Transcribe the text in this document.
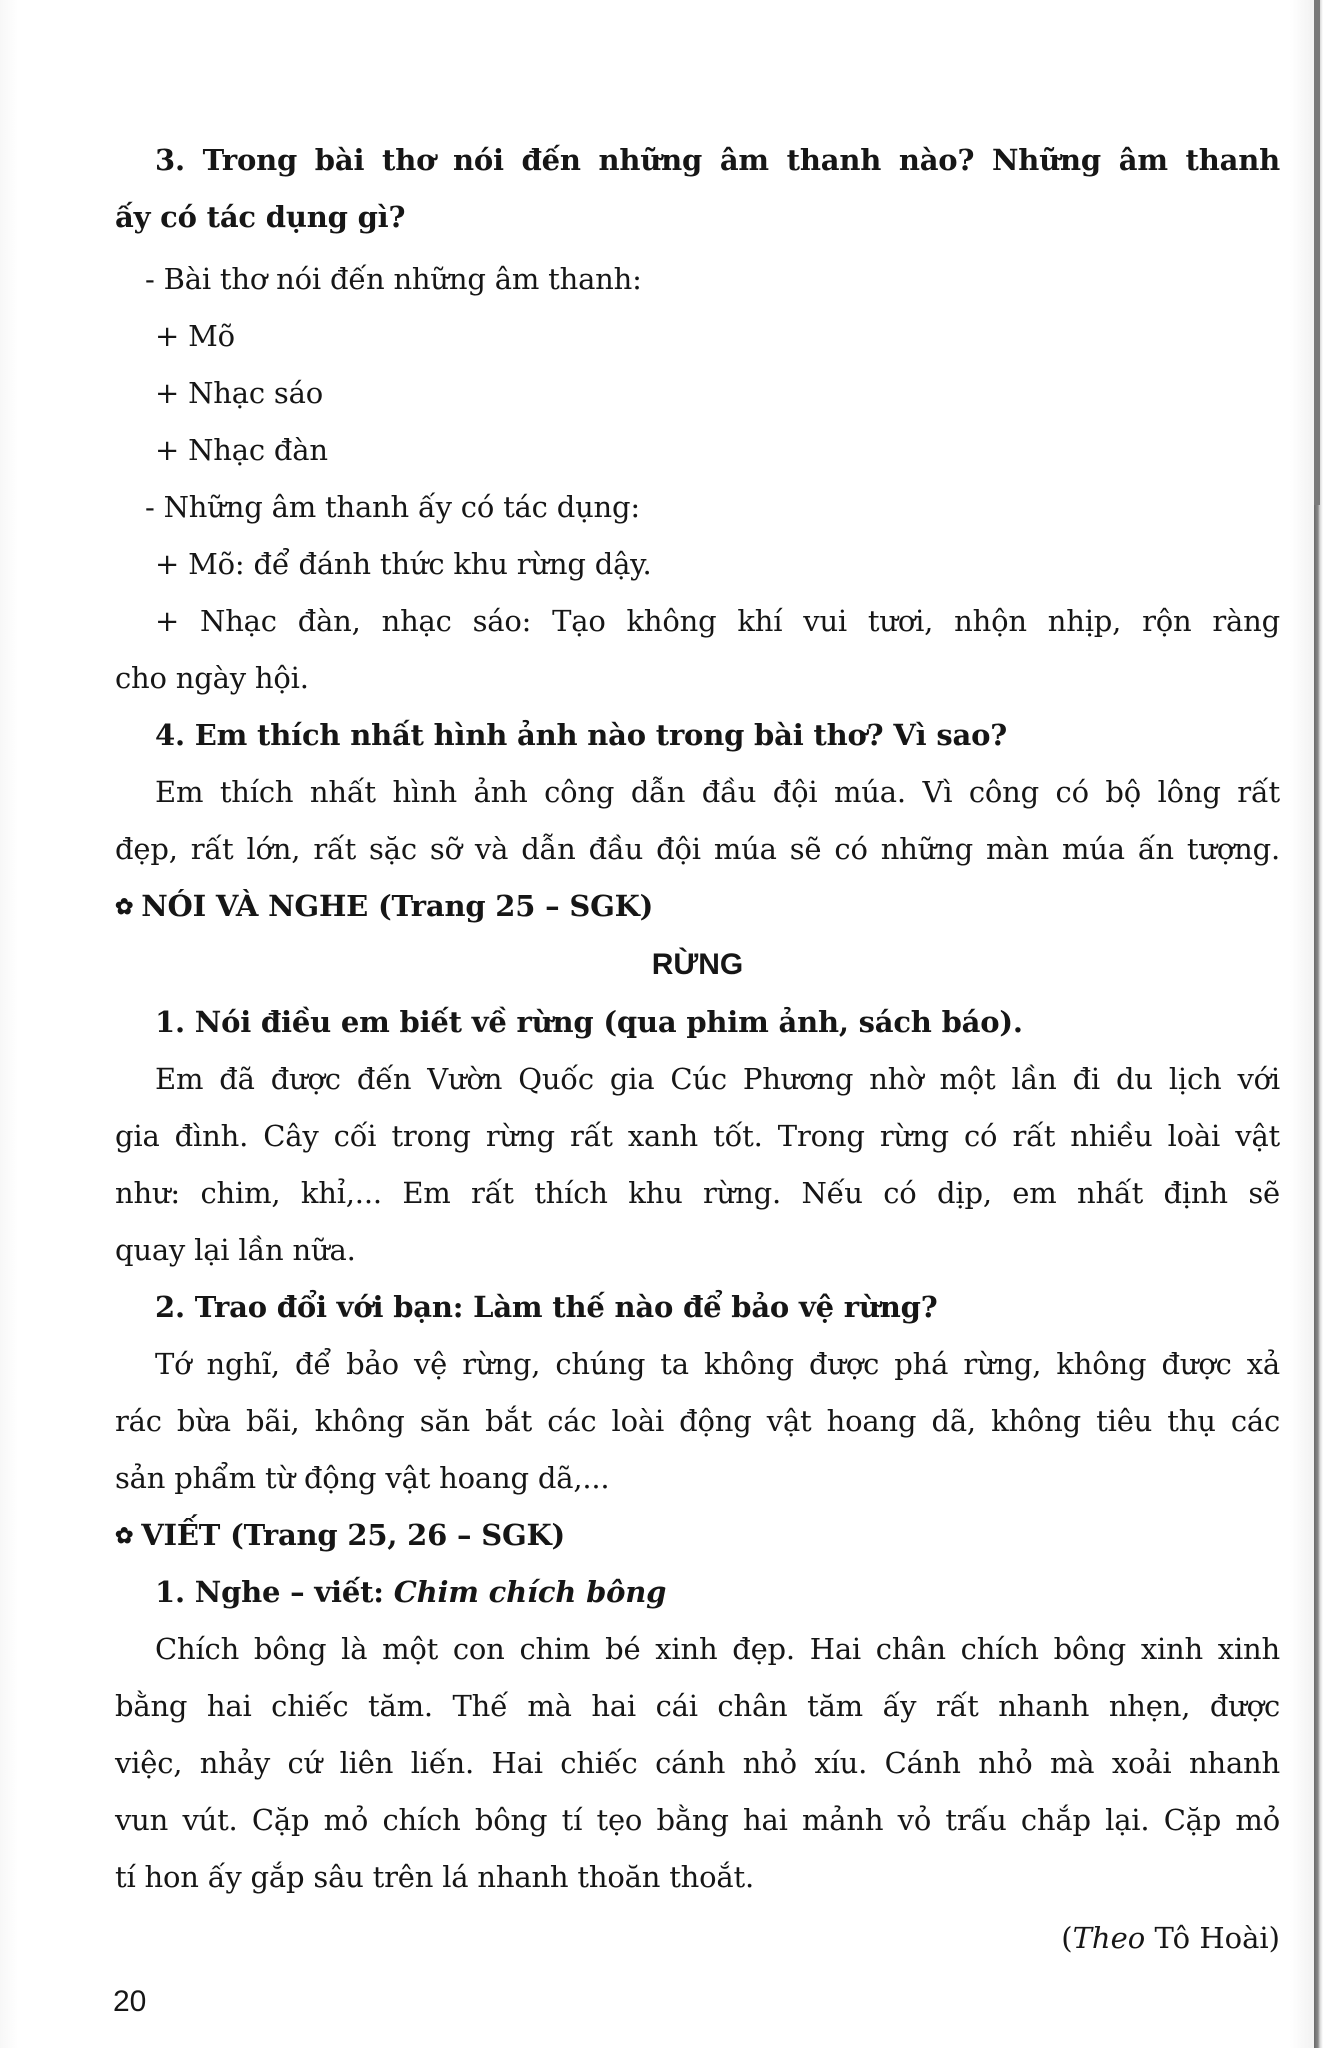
3. Trong bài thơ nói đến những âm thanh nào? Những âm thanh
ấy có tác dụng gì?
- Bài thơ nói đến những âm thanh:
+ Mõ
+ Nhạc sáo
+ Nhạc đàn
- Những âm thanh ấy có tác dụng:
+ Mõ: để đánh thức khu rừng dậy.
+ Nhạc đàn, nhạc sáo: Tạo không khí vui tươi, nhộn nhịp, rộn ràng
cho ngày hội.
4. Em thích nhất hình ảnh nào trong bài thơ? Vì sao?
Em thích nhất hình ảnh công dẫn đầu đội múa. Vì công có bộ lông rất
đẹp, rất lớn, rất sặc sỡ và dẫn đầu đội múa sẽ có những màn múa ấn tượng.
✿ NÓI VÀ NGHE (Trang 25 – SGK)
RỪNG
1. Nói điều em biết về rừng (qua phim ảnh, sách báo).
Em đã được đến Vườn Quốc gia Cúc Phương nhờ một lần đi du lịch với
gia đình. Cây cối trong rừng rất xanh tốt. Trong rừng có rất nhiều loài vật
như: chim, khỉ,... Em rất thích khu rừng. Nếu có dịp, em nhất định sẽ
quay lại lần nữa.
2. Trao đổi với bạn: Làm thế nào để bảo vệ rừng?
Tớ nghĩ, để bảo vệ rừng, chúng ta không được phá rừng, không được xả
rác bừa bãi, không săn bắt các loài động vật hoang dã, không tiêu thụ các
sản phẩm từ động vật hoang dã,...
✿ VIẾT (Trang 25, 26 – SGK)
1. Nghe – viết: Chim chích bông
Chích bông là một con chim bé xinh đẹp. Hai chân chích bông xinh xinh
bằng hai chiếc tăm. Thế mà hai cái chân tăm ấy rất nhanh nhẹn, được
việc, nhảy cứ liên liến. Hai chiếc cánh nhỏ xíu. Cánh nhỏ mà xoải nhanh
vun vút. Cặp mỏ chích bông tí tẹo bằng hai mảnh vỏ trấu chắp lại. Cặp mỏ
tí hon ấy gắp sâu trên lá nhanh thoăn thoắt.
(Theo Tô Hoài)
20
